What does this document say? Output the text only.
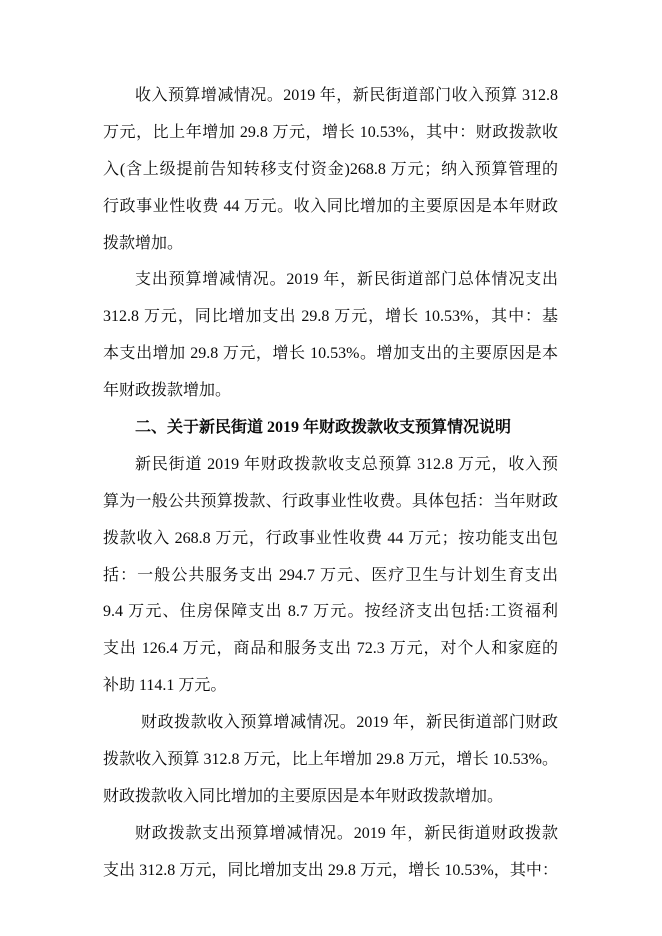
收入预算增减情况。2019 年，新民街道部门收入预算 312.8
万元，比上年增加 29.8 万元，增长 10.53%，其中：财政拨款收
入(含上级提前告知转移支付资金)268.8 万元；纳入预算管理的
行政事业性收费 44 万元。收入同比增加的主要原因是本年财政
拨款增加。
支出预算增减情况。2019 年，新民街道部门总体情况支出
312.8 万元，同比增加支出 29.8 万元，增长 10.53%，其中：基
本支出增加 29.8 万元，增长 10.53%。增加支出的主要原因是本
年财政拨款增加。
二、关于新民街道 2019 年财政拨款收支预算情况说明
新民街道 2019 年财政拨款收支总预算 312.8 万元，收入预
算为一般公共预算拨款、行政事业性收费。具体包括：当年财政
拨款收入 268.8 万元，行政事业性收费 44 万元；按功能支出包
括：一般公共服务支出 294.7 万元、医疗卫生与计划生育支出
9.4 万元、住房保障支出 8.7 万元。按经济支出包括:工资福利
支出 126.4 万元，商品和服务支出 72.3 万元，对个人和家庭的
补助 114.1 万元。
财政拨款收入预算增减情况。2019 年，新民街道部门财政
拨款收入预算 312.8 万元，比上年增加 29.8 万元，增长 10.53%。
财政拨款收入同比增加的主要原因是本年财政拨款增加。
财政拨款支出预算增减情况。2019 年，新民街道财政拨款
支出 312.8 万元，同比增加支出 29.8 万元，增长 10.53%，其中：
